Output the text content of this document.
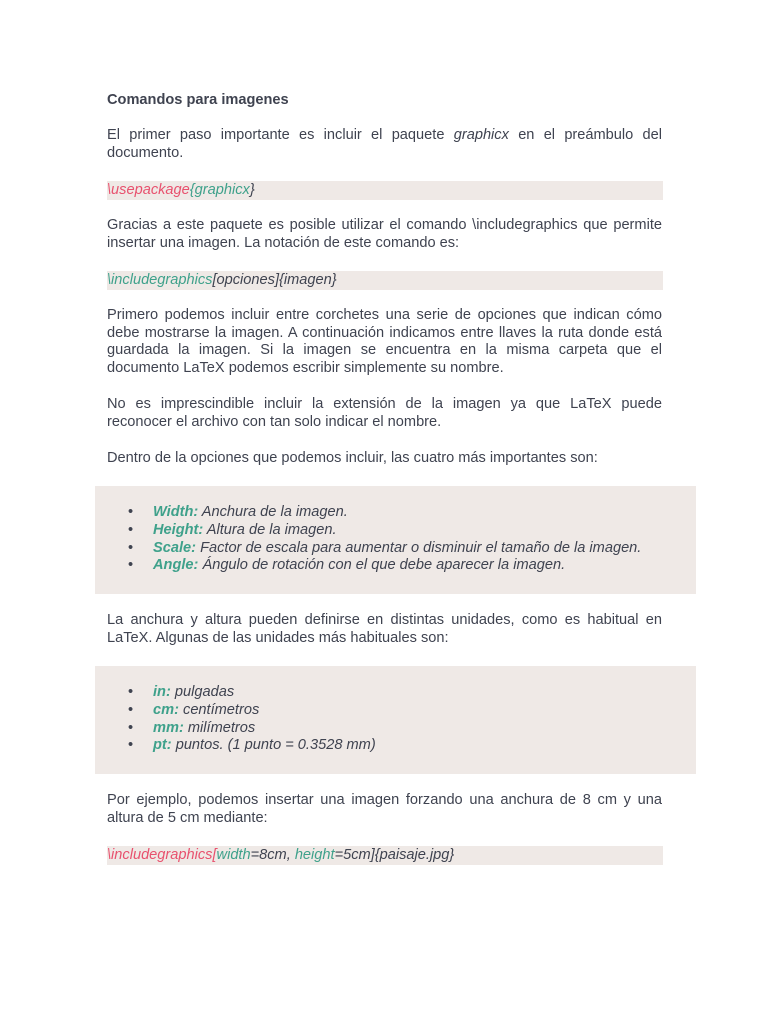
Comandos para imagenes
El primer paso importante es incluir el paquete graphicx en el preámbulo del
documento.
\usepackage{graphicx}
Gracias a este paquete es posible utilizar el comando \includegraphics que permite
insertar una imagen. La notación de este comando es:
\includegraphics[opciones]{imagen}
Primero podemos incluir entre corchetes una serie de opciones que indican cómo
debe mostrarse la imagen. A continuación indicamos entre llaves la ruta donde está
guardada la imagen. Si la imagen se encuentra en la misma carpeta que el
documento LaTeX podemos escribir simplemente su nombre.
No es imprescindible incluir la extensión de la imagen ya que LaTeX puede
reconocer el archivo con tan solo indicar el nombre.
Dentro de la opciones que podemos incluir, las cuatro más importantes son:
• Width: Anchura de la imagen.
• Height: Altura de la imagen.
• Scale: Factor de escala para aumentar o disminuir el tamaño de la imagen.
• Angle: Ángulo de rotación con el que debe aparecer la imagen.
La anchura y altura pueden definirse en distintas unidades, como es habitual en
LaTeX. Algunas de las unidades más habituales son:
• in: pulgadas
• cm: centímetros
• mm: milímetros
• pt: puntos. (1 punto = 0.3528 mm)
Por ejemplo, podemos insertar una imagen forzando una anchura de 8 cm y una
altura de 5 cm mediante:
\includegraphics[width=8cm, height=5cm]{paisaje.jpg}
